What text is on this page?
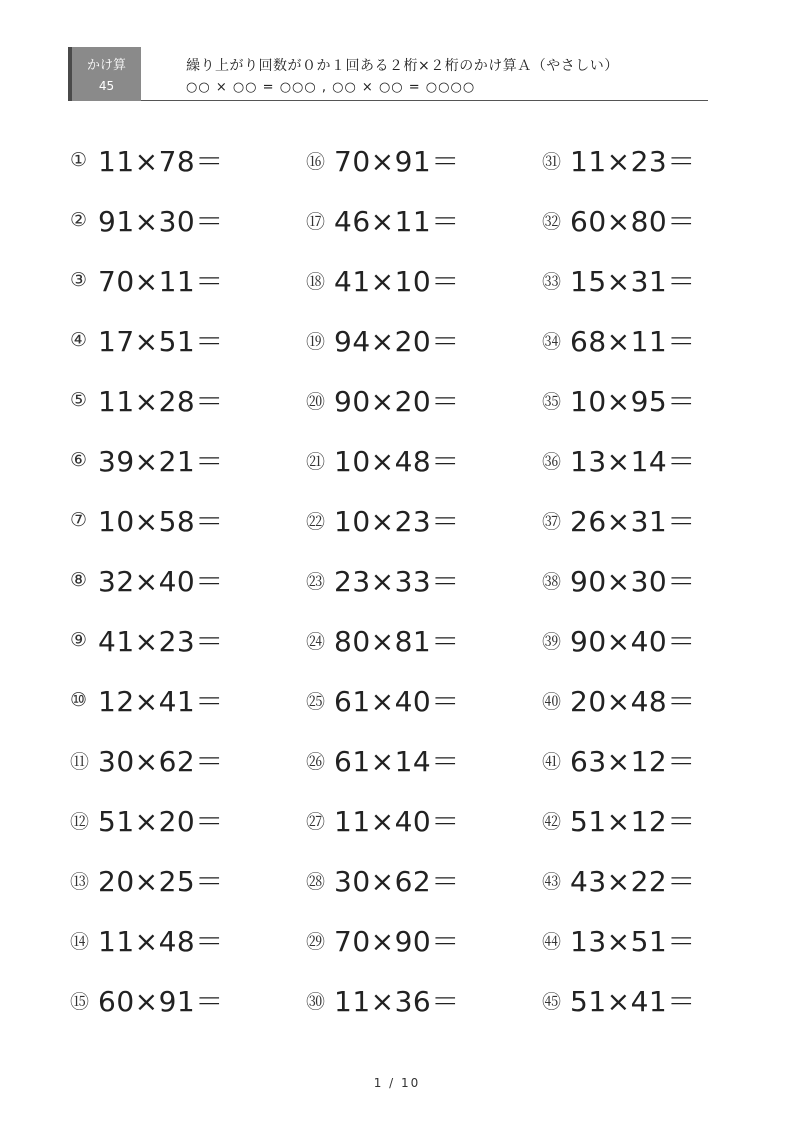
かけ算
45
繰り上がり回数が０か１回ある２桁×２桁のかけ算Ａ（やさしい）
○○ × ○○ = ○○○ , ○○ × ○○ = ○○○○
① 11×78＝
② 91×30＝
③ 70×11＝
④ 17×51＝
⑤ 11×28＝
⑥ 39×21＝
⑦ 10×58＝
⑧ 32×40＝
⑨ 41×23＝
⑩ 12×41＝
⑪ 30×62＝
⑫ 51×20＝
⑬ 20×25＝
⑭ 11×48＝
⑮ 60×91＝
⑯ 70×91＝
⑰ 46×11＝
⑱ 41×10＝
⑲ 94×20＝
⑳ 90×20＝
㉑ 10×48＝
㉒ 10×23＝
㉓ 23×33＝
㉔ 80×81＝
㉕ 61×40＝
㉖ 61×14＝
㉗ 11×40＝
㉘ 30×62＝
㉙ 70×90＝
㉚ 11×36＝
㉛ 11×23＝
㉜ 60×80＝
㉝ 15×31＝
㉞ 68×11＝
㉟ 10×95＝
㊱ 13×14＝
㊲ 26×31＝
㊳ 90×30＝
㊴ 90×40＝
㊵ 20×48＝
㊶ 63×12＝
㊷ 51×12＝
㊸ 43×22＝
㊹ 13×51＝
㊺ 51×41＝
1 / 10
